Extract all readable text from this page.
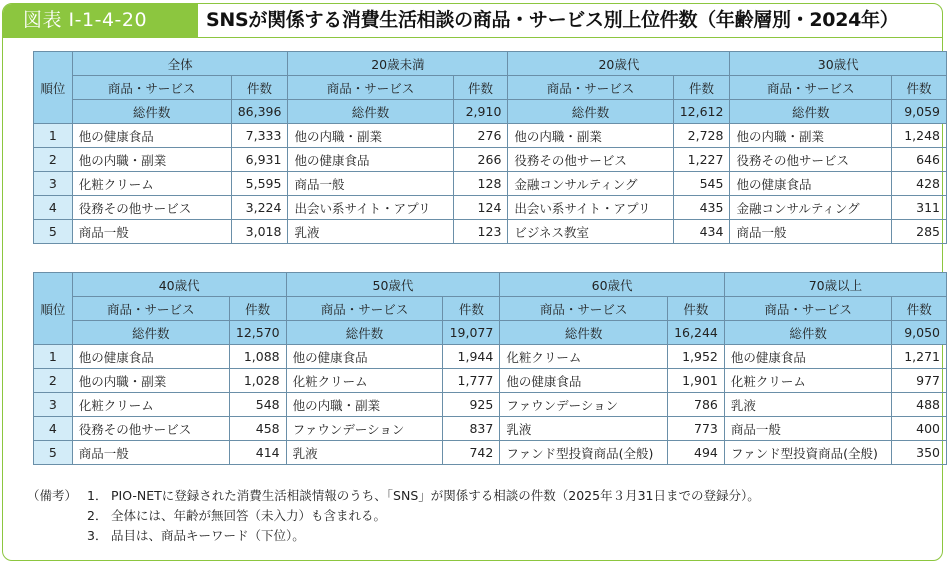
図表 I-1-4-20	SNSが関係する消費生活相談の商品・サービス別上位件数（年齢層別・2024年）
順位	全体		20歳未満		20歳代		30歳代	
	商品・サービス	件数	商品・サービス	件数	商品・サービス	件数	商品・サービス	件数
	総件数	86,396	総件数	2,910	総件数	12,612	総件数	9,059
1	他の健康食品	7,333	他の内職・副業	276	他の内職・副業	2,728	他の内職・副業	1,248
2	他の内職・副業	6,931	他の健康食品	266	役務その他サービス	1,227	役務その他サービス	646
3	化粧クリーム	5,595	商品一般	128	金融コンサルティング	545	他の健康食品	428
4	役務その他サービス	3,224	出会い系サイト・アプリ	124	出会い系サイト・アプリ	435	金融コンサルティング	311
5	商品一般	3,018	乳液	123	ビジネス教室	434	商品一般	285
順位	40歳代		50歳代		60歳代		70歳以上	
	商品・サービス	件数	商品・サービス	件数	商品・サービス	件数	商品・サービス	件数
	総件数	12,570	総件数	19,077	総件数	16,244	総件数	9,050
1	他の健康食品	1,088	他の健康食品	1,944	化粧クリーム	1,952	他の健康食品	1,271
2	他の内職・副業	1,028	化粧クリーム	1,777	他の健康食品	1,901	化粧クリーム	977
3	化粧クリーム	548	他の内職・副業	925	ファウンデーション	786	乳液	488
4	役務その他サービス	458	ファウンデーション	837	乳液	773	商品一般	400
5	商品一般	414	乳液	742	ファンド型投資商品(全般)	494	ファンド型投資商品(全般)	350
（備考） 1． PIO-NETに登録された消費生活相談情報のうち、「SNS」が関係する相談の件数（2025年３月31日までの登録分）。
2． 全体には、年齢が無回答（未入力）も含まれる。
3． 品目は、商品キーワード（下位）。
